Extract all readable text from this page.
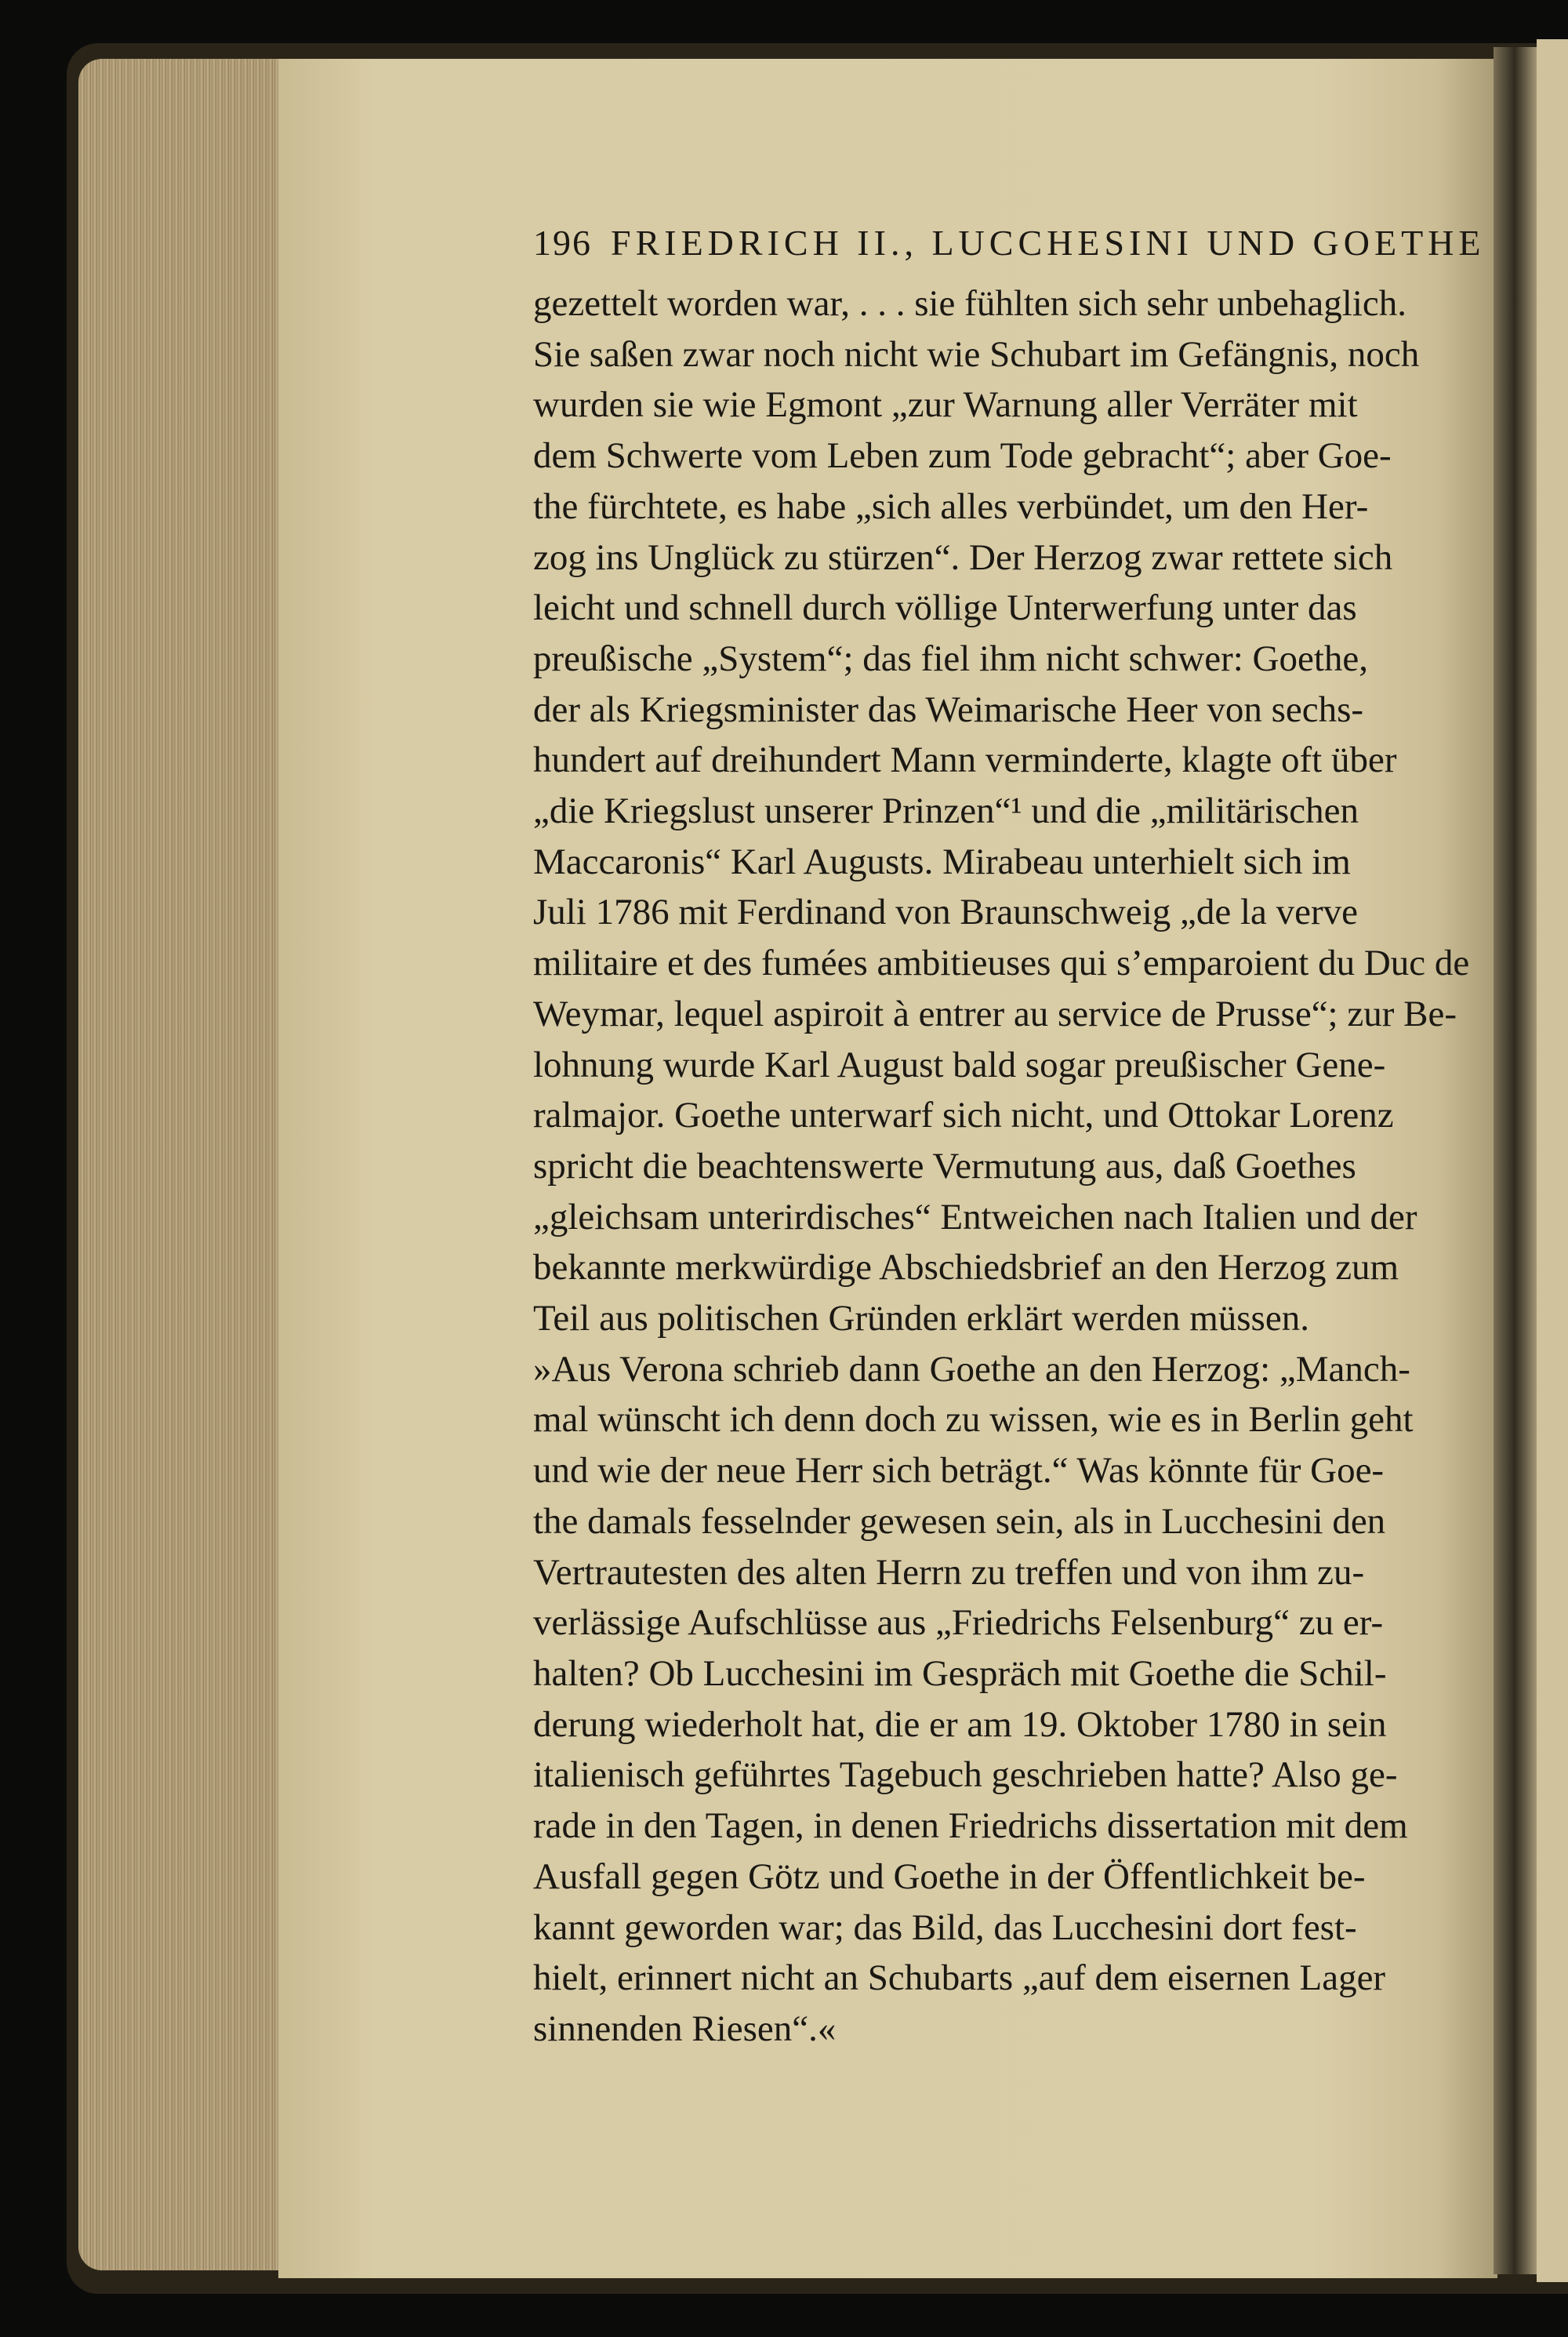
196 FRIEDRICH II., LUCCHESINI UND GOETHE
gezettelt worden war, . . . sie fühlten sich sehr unbehaglich.
Sie saßen zwar noch nicht wie Schubart im Gefängnis, noch
wurden sie wie Egmont „zur Warnung aller Verräter mit
dem Schwerte vom Leben zum Tode gebracht“; aber Goe-
the fürchtete, es habe „sich alles verbündet, um den Her-
zog ins Unglück zu stürzen“. Der Herzog zwar rettete sich
leicht und schnell durch völlige Unterwerfung unter das
preußische „System“; das fiel ihm nicht schwer: Goethe,
der als Kriegsminister das Weimarische Heer von sechs-
hundert auf dreihundert Mann verminderte, klagte oft über
„die Kriegslust unserer Prinzen“¹ und die „militärischen
Maccaronis“ Karl Augusts. Mirabeau unterhielt sich im
Juli 1786 mit Ferdinand von Braunschweig „de la verve
militaire et des fumées ambitieuses qui s’emparoient du Duc de
Weymar, lequel aspiroit à entrer au service de Prusse“; zur Be-
lohnung wurde Karl August bald sogar preußischer Gene-
ralmajor. Goethe unterwarf sich nicht, und Ottokar Lorenz
spricht die beachtenswerte Vermutung aus, daß Goethes
„gleichsam unterirdisches“ Entweichen nach Italien und der
bekannte merkwürdige Abschiedsbrief an den Herzog zum
Teil aus politischen Gründen erklärt werden müssen.
»Aus Verona schrieb dann Goethe an den Herzog: „Manch-
mal wünscht ich denn doch zu wissen, wie es in Berlin geht
und wie der neue Herr sich beträgt.“ Was könnte für Goe-
the damals fesselnder gewesen sein, als in Lucchesini den
Vertrautesten des alten Herrn zu treffen und von ihm zu-
verlässige Aufschlüsse aus „Friedrichs Felsenburg“ zu er-
halten? Ob Lucchesini im Gespräch mit Goethe die Schil-
derung wiederholt hat, die er am 19. Oktober 1780 in sein
italienisch geführtes Tagebuch geschrieben hatte? Also ge-
rade in den Tagen, in denen Friedrichs dissertation mit dem
Ausfall gegen Götz und Goethe in der Öffentlichkeit be-
kannt geworden war; das Bild, das Lucchesini dort fest-
hielt, erinnert nicht an Schubarts „auf dem eisernen Lager
sinnenden Riesen“.«
